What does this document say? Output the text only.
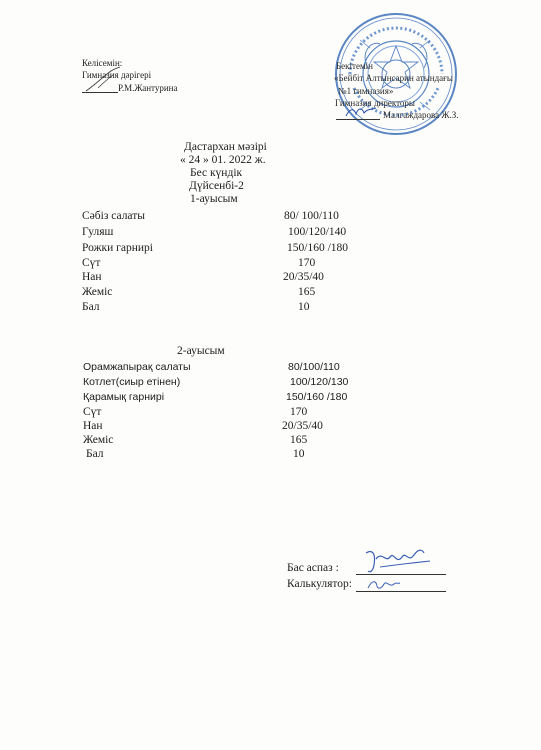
Келісемін:
Гимназия дәрігері
Р.М.Жантурина
Бекітемін
«Бейбіт Алтынсарин атындағы
№1 гимназия»
Гимназия директоры
Малгаждарова Ж.З.
Дастархан мәзірі
« 24 » 01. 2022 ж.
Бес күндік
Дүйсенбі-2
1-ауысым
Сәбіз салаты	80/ 100/110
Гуляш	100/120/140
Рожки гарнирі	150/160 /180
Сүт	170
Нан	20/35/40
Жеміс	165
Бал	10
2-ауысым
Орамжапырақ салаты	80/100/110
Котлет(сиыр етінен)	100/120/130
Қарамық гарнирі	150/160 /180
Сүт	170
Нан	20/35/40
Жеміс	165
Бал	10
Бас аспаз :
Калькулятор:
